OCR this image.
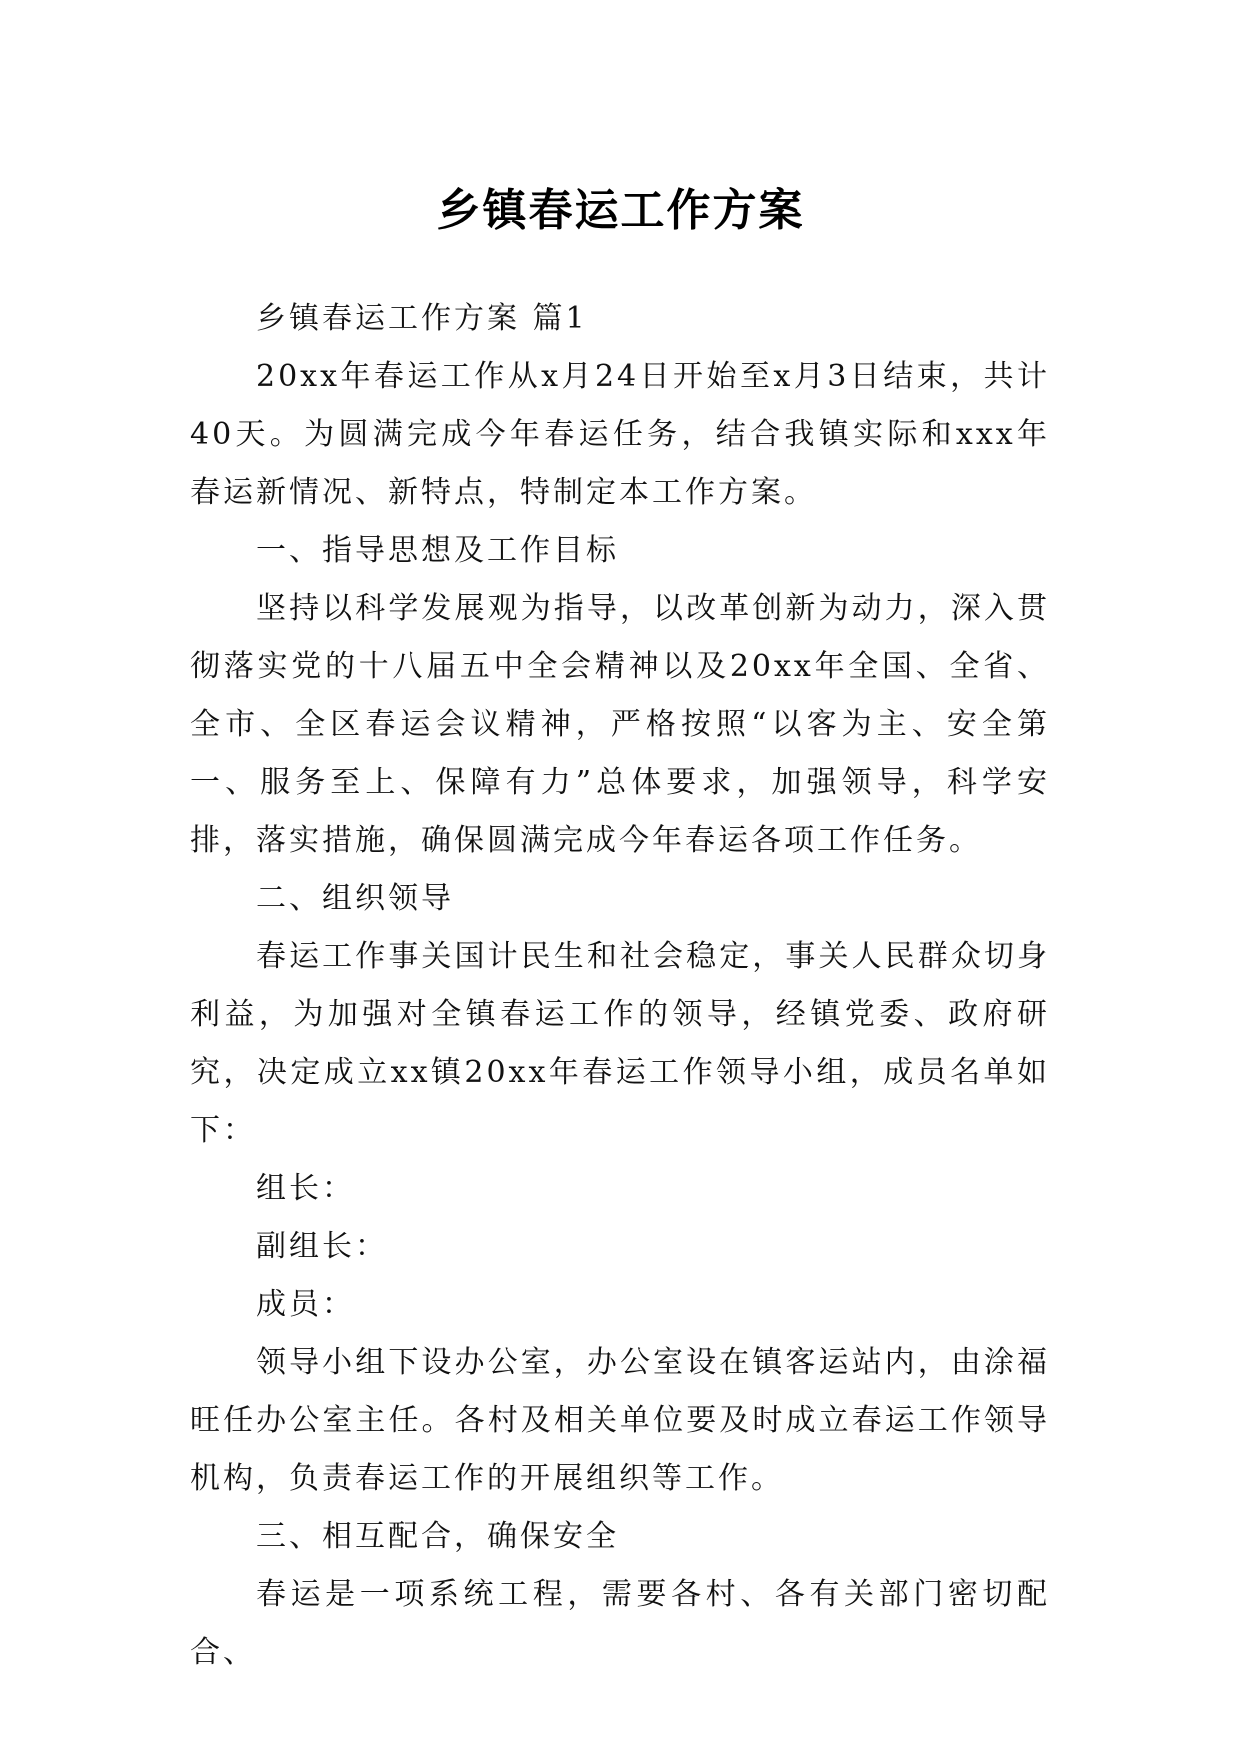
乡镇春运工作方案

乡镇春运工作方案 篇1

20xx年春运工作从x月24日开始至x月3日结束，共计40天。为圆满完成今年春运任务，结合我镇实际和xxx年春运新情况、新特点，特制定本工作方案。

一、指导思想及工作目标

坚持以科学发展观为指导，以改革创新为动力，深入贯彻落实党的十八届五中全会精神以及20xx年全国、全省、全市、全区春运会议精神，严格按照“以客为主、安全第一、服务至上、保障有力”总体要求，加强领导，科学安排，落实措施，确保圆满完成今年春运各项工作任务。

二、组织领导

春运工作事关国计民生和社会稳定，事关人民群众切身利益，为加强对全镇春运工作的领导，经镇党委、政府研究，决定成立xx镇20xx年春运工作领导小组，成员名单如下：

组长：

副组长：

成员：

领导小组下设办公室，办公室设在镇客运站内，由涂福旺任办公室主任。各村及相关单位要及时成立春运工作领导机构，负责春运工作的开展组织等工作。

三、相互配合，确保安全

春运是一项系统工程，需要各村、各有关部门密切配合、
